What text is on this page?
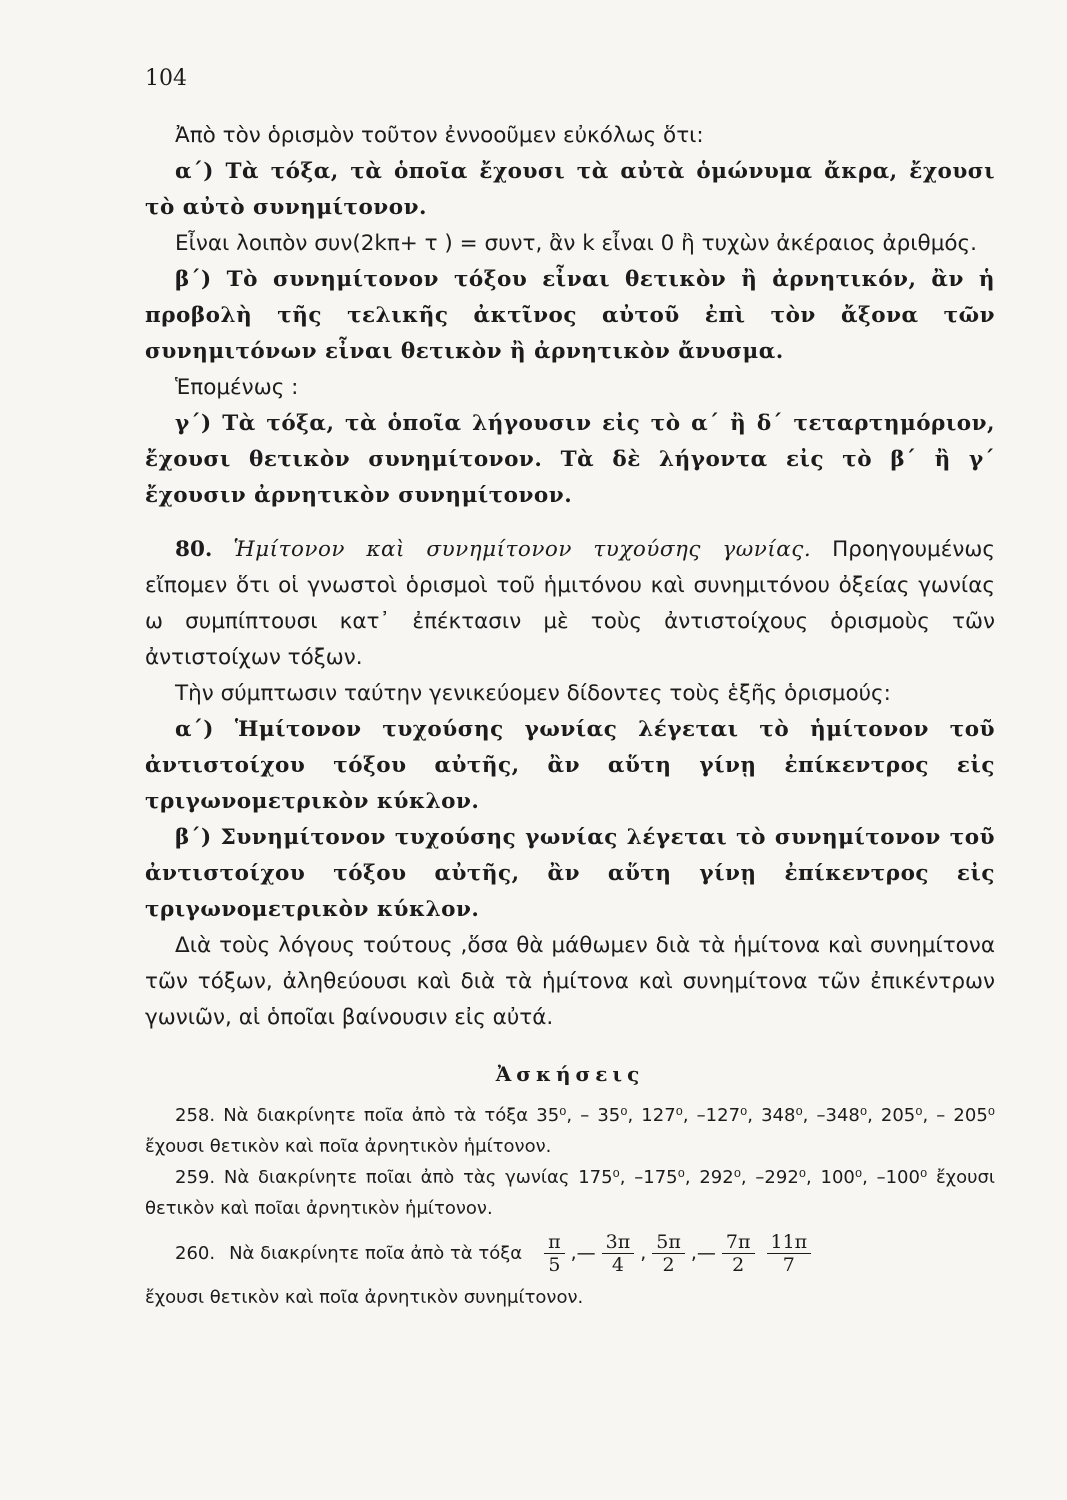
104

Ἀπὸ τὸν ὁρισμὸν τοῦτον ἐννοοῦμεν εὐκόλως ὅτι:

α΄) Τὰ τόξα, τὰ ὁποῖα ἔχουσι τὰ αὐτὰ ὁμώνυμα ἄκρα, ἔχουσι τὸ αὐτὸ συνημίτονον.

Εἶναι λοιπὸν συν(2kπ+ τ ) = συντ, ἂν k εἶναι 0 ἢ τυχὼν ἀκέραιος ἀριθμός.

β΄) Τὸ συνημίτονον τόξου εἶναι θετικὸν ἢ ἀρνητικόν, ἂν ἡ προβολὴ τῆς τελικῆς ἀκτῖνος αὐτοῦ ἐπὶ τὸν ἄξονα τῶν συνημιτόνων εἶναι θετικὸν ἢ ἀρνητικὸν ἄνυσμα.

Ἑπομένως :

γ΄) Τὰ τόξα, τὰ ὁποῖα λήγουσιν εἰς τὸ α΄ ἢ δ΄ τεταρτημόριον, ἔχουσι θετικὸν συνημίτονον. Τὰ δὲ λήγοντα εἰς τὸ β΄ ἢ γ΄ ἔχουσιν ἀρνητικὸν συνημίτονον.

80. Ἡμίτονον καὶ συνημίτονον τυχούσης γωνίας. Προηγουμένως εἴπομεν ὅτι οἱ γνωστοὶ ὁρισμοὶ τοῦ ἡμιτόνου καὶ συνημιτόνου ὀξείας γωνίας ω συμπίπτουσι κατ᾽ ἐπέκτασιν μὲ τοὺς ἀντιστοίχους ὁρισμοὺς τῶν ἀντιστοίχων τόξων.

Τὴν σύμπτωσιν ταύτην γενικεύομεν δίδοντες τοὺς ἑξῆς ὁρισμούς:

α΄) Ἡμίτονον τυχούσης γωνίας λέγεται τὸ ἡμίτονον τοῦ ἀντιστοίχου τόξου αὐτῆς, ἂν αὕτη γίνῃ ἐπίκεντρος εἰς τριγωνομετρικὸν κύκλον.

β΄) Συνημίτονον τυχούσης γωνίας λέγεται τὸ συνημίτονον τοῦ ἀντιστοίχου τόξου αὐτῆς, ἂν αὕτη γίνῃ ἐπίκεντρος εἰς τριγωνομετρικὸν κύκλον.

Διὰ τοὺς λόγους τούτους ,ὅσα θὰ μάθωμεν διὰ τὰ ἡμίτονα καὶ συνημίτονα τῶν τόξων, ἀληθεύουσι καὶ διὰ τὰ ἡμίτονα καὶ συνημίτονα τῶν ἐπικέντρων γωνιῶν, αἱ ὁποῖαι βαίνουσιν εἰς αὐτά.

Ἀσκήσεις

258. Νὰ διακρίνητε ποῖα ἀπὸ τὰ τόξα 35⁰, – 35⁰, 127⁰, –127⁰, 348⁰, –348⁰, 205⁰, – 205⁰ ἔχουσι θετικὸν καὶ ποῖα ἀρνητικὸν ἡμίτονον.

259. Νὰ διακρίνητε ποῖαι ἀπὸ τὰς γωνίας 175⁰, –175⁰, 292⁰, –292⁰, 100⁰, –100⁰ ἔχουσι θετικὸν καὶ ποῖαι ἀρνητικὸν ἡμίτονον.

260. Νὰ διακρίνητε ποῖα ἀπὸ τὰ τόξα $\frac{\pi}{5}$ , — $\frac{3\pi}{4}$ , $\frac{5\pi}{2}$ , — $\frac{7\pi}{2} \frac{11\pi}{7}$

ἔχουσι θετικὸν καὶ ποῖα ἀρνητικὸν συνημίτονον.
